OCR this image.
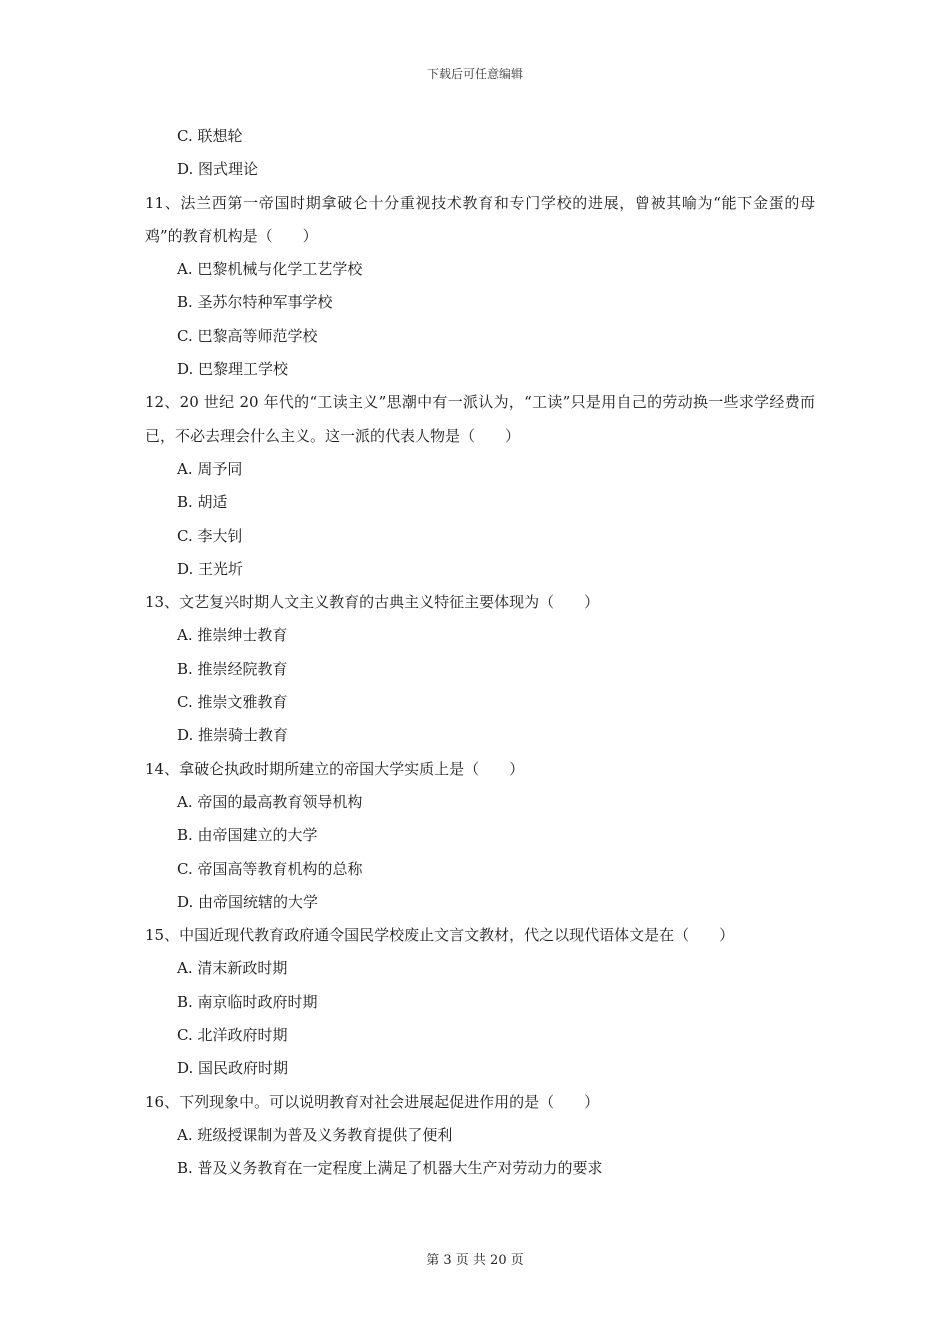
下载后可任意编辑

C. 联想轮

D. 图式理论

11、法兰西第一帝国时期拿破仑十分重视技术教育和专门学校的进展，曾被其喻为“能下金蛋的母鸡”的教育机构是（　　）

A. 巴黎机械与化学工艺学校

B. 圣苏尔特种军事学校

C. 巴黎高等师范学校

D. 巴黎理工学校

12、20 世纪 20 年代的“工读主义”思潮中有一派认为，“工读”只是用自己的劳动换一些求学经费而已，不必去理会什么主义。这一派的代表人物是（　　）

A. 周予同

B. 胡适

C. 李大钊

D. 王光圻

13、文艺复兴时期人文主义教育的古典主义特征主要体现为（　　）

A. 推崇绅士教育

B. 推崇经院教育

C. 推崇文雅教育

D. 推崇骑士教育

14、拿破仑执政时期所建立的帝国大学实质上是（　　）

A. 帝国的最高教育领导机构

B. 由帝国建立的大学

C. 帝国高等教育机构的总称

D. 由帝国统辖的大学

15、中国近现代教育政府通令国民学校废止文言文教材，代之以现代语体文是在（　　）

A. 清末新政时期

B. 南京临时政府时期

C. 北洋政府时期

D. 国民政府时期

16、下列现象中。可以说明教育对社会进展起促进作用的是（　　）

A. 班级授课制为普及义务教育提供了便利

B. 普及义务教育在一定程度上满足了机器大生产对劳动力的要求

第 3 页 共 20 页
